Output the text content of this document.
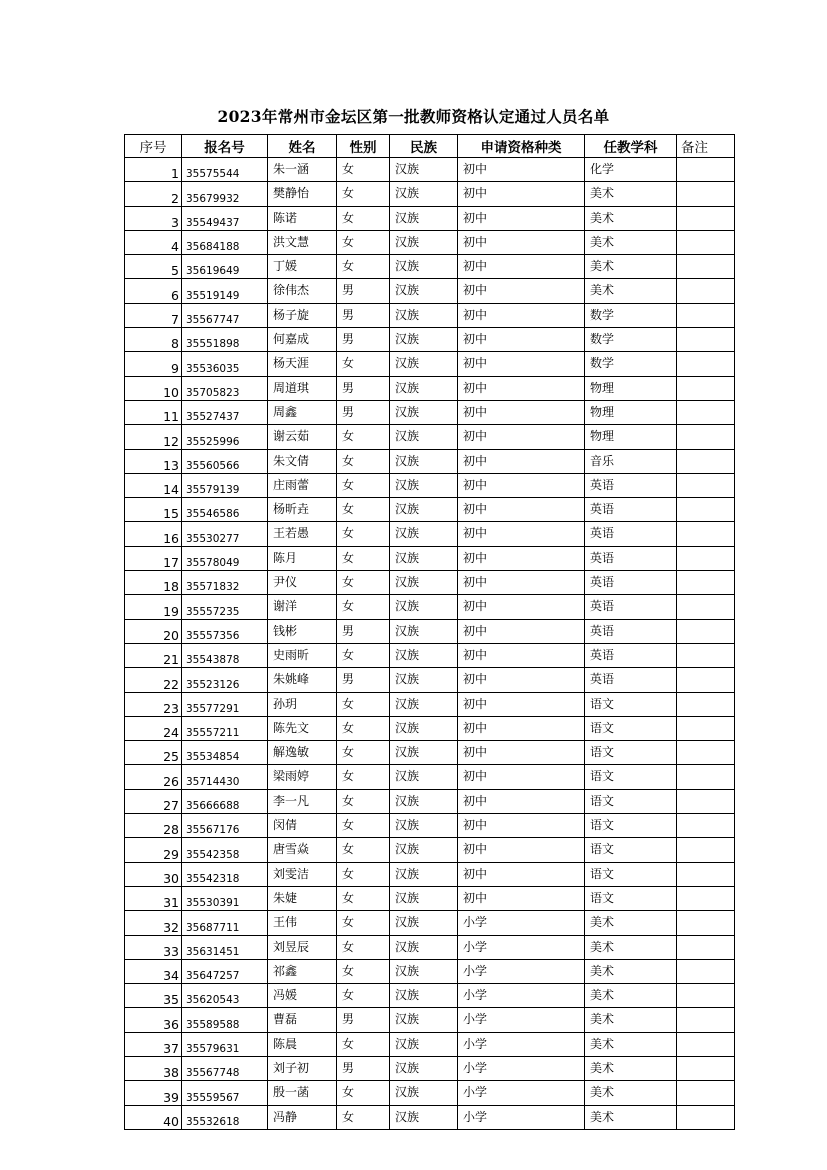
2023年常州市金坛区第一批教师资格认定通过人员名单
序号	报名号	姓名	性别	民族	申请资格种类	任教学科	备注
1	35575544	朱一涵	女	汉族	初中	化学	
2	35679932	樊静怡	女	汉族	初中	美术	
3	35549437	陈诺	女	汉族	初中	美术	
4	35684188	洪文慧	女	汉族	初中	美术	
5	35619649	丁媛	女	汉族	初中	美术	
6	35519149	徐伟杰	男	汉族	初中	美术	
7	35567747	杨子旋	男	汉族	初中	数学	
8	35551898	何嘉成	男	汉族	初中	数学	
9	35536035	杨天涯	女	汉族	初中	数学	
10	35705823	周道琪	男	汉族	初中	物理	
11	35527437	周鑫	男	汉族	初中	物理	
12	35525996	谢云茹	女	汉族	初中	物理	
13	35560566	朱文倩	女	汉族	初中	音乐	
14	35579139	庄雨蕾	女	汉族	初中	英语	
15	35546586	杨昕垚	女	汉族	初中	英语	
16	35530277	王若愚	女	汉族	初中	英语	
17	35578049	陈月	女	汉族	初中	英语	
18	35571832	尹仪	女	汉族	初中	英语	
19	35557235	谢洋	女	汉族	初中	英语	
20	35557356	钱彬	男	汉族	初中	英语	
21	35543878	史雨昕	女	汉族	初中	英语	
22	35523126	朱姚峰	男	汉族	初中	英语	
23	35577291	孙玥	女	汉族	初中	语文	
24	35557211	陈先文	女	汉族	初中	语文	
25	35534854	解逸敏	女	汉族	初中	语文	
26	35714430	梁雨婷	女	汉族	初中	语文	
27	35666688	李一凡	女	汉族	初中	语文	
28	35567176	闵倩	女	汉族	初中	语文	
29	35542358	唐雪焱	女	汉族	初中	语文	
30	35542318	刘雯洁	女	汉族	初中	语文	
31	35530391	朱婕	女	汉族	初中	语文	
32	35687711	王伟	女	汉族	小学	美术	
33	35631451	刘昱辰	女	汉族	小学	美术	
34	35647257	祁鑫	女	汉族	小学	美术	
35	35620543	冯媛	女	汉族	小学	美术	
36	35589588	曹磊	男	汉族	小学	美术	
37	35579631	陈晨	女	汉族	小学	美术	
38	35567748	刘子初	男	汉族	小学	美术	
39	35559567	殷一菡	女	汉族	小学	美术	
40	35532618	冯静	女	汉族	小学	美术	
